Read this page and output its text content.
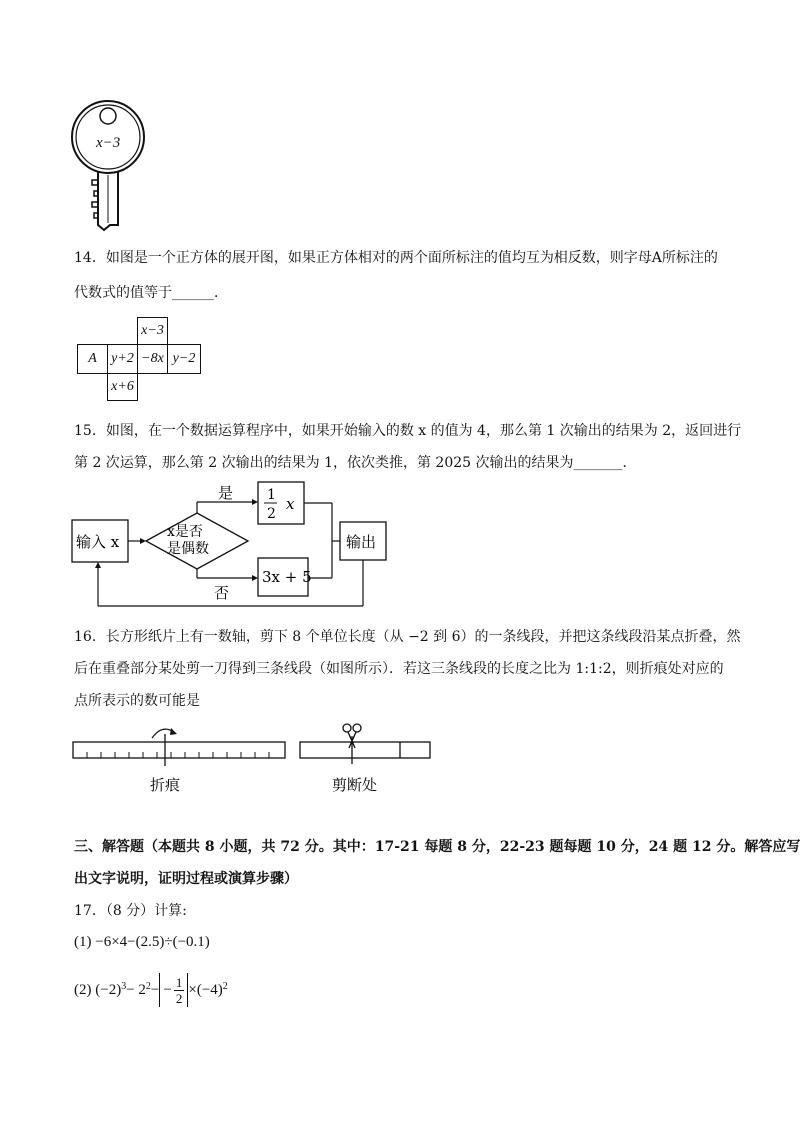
x−3
14．如图是一个正方体的展开图，如果正方体相对的两个面所标注的值均互为相反数，则字母A所标注的
代数式的值等于______．
x−3
A	y+2 −8x y−2
x+6
15．如图，在一个数据运算程序中，如果开始输入的数 x 的值为 4，那么第 1 次输出的结果为 2，返回进行
第 2 次运算，那么第 2 次输出的结果为 1，依次类推，第 2025 次输出的结果为_______．
输入 x
x是否
是偶数
是 1
2
x
否
3x + 5
输出
16．长方形纸片上有一数轴，剪下 8 个单位长度（从 −2 到 6）的一条线段，并把这条线段沿某点折叠，然
后在重叠部分某处剪一刀得到三条线段（如图所示）．若这三条线段的长度之比为 1:1:2，则折痕处对应的
点所表示的数可能是
折痕	剪断处
三、解答题（本题共 8 小题，共 72 分。其中：17-21 每题 8 分，22-23 题每题 10 分，24 题 12 分。解答应写
出文字说明，证明过程或演算步骤）
17．（8 分）计算:
(1) −6×4−(2.5)÷(−0.1)
(2) $(-2)^3 - 2^2$ − − $\frac{1}{2} \times(-4)^2$
